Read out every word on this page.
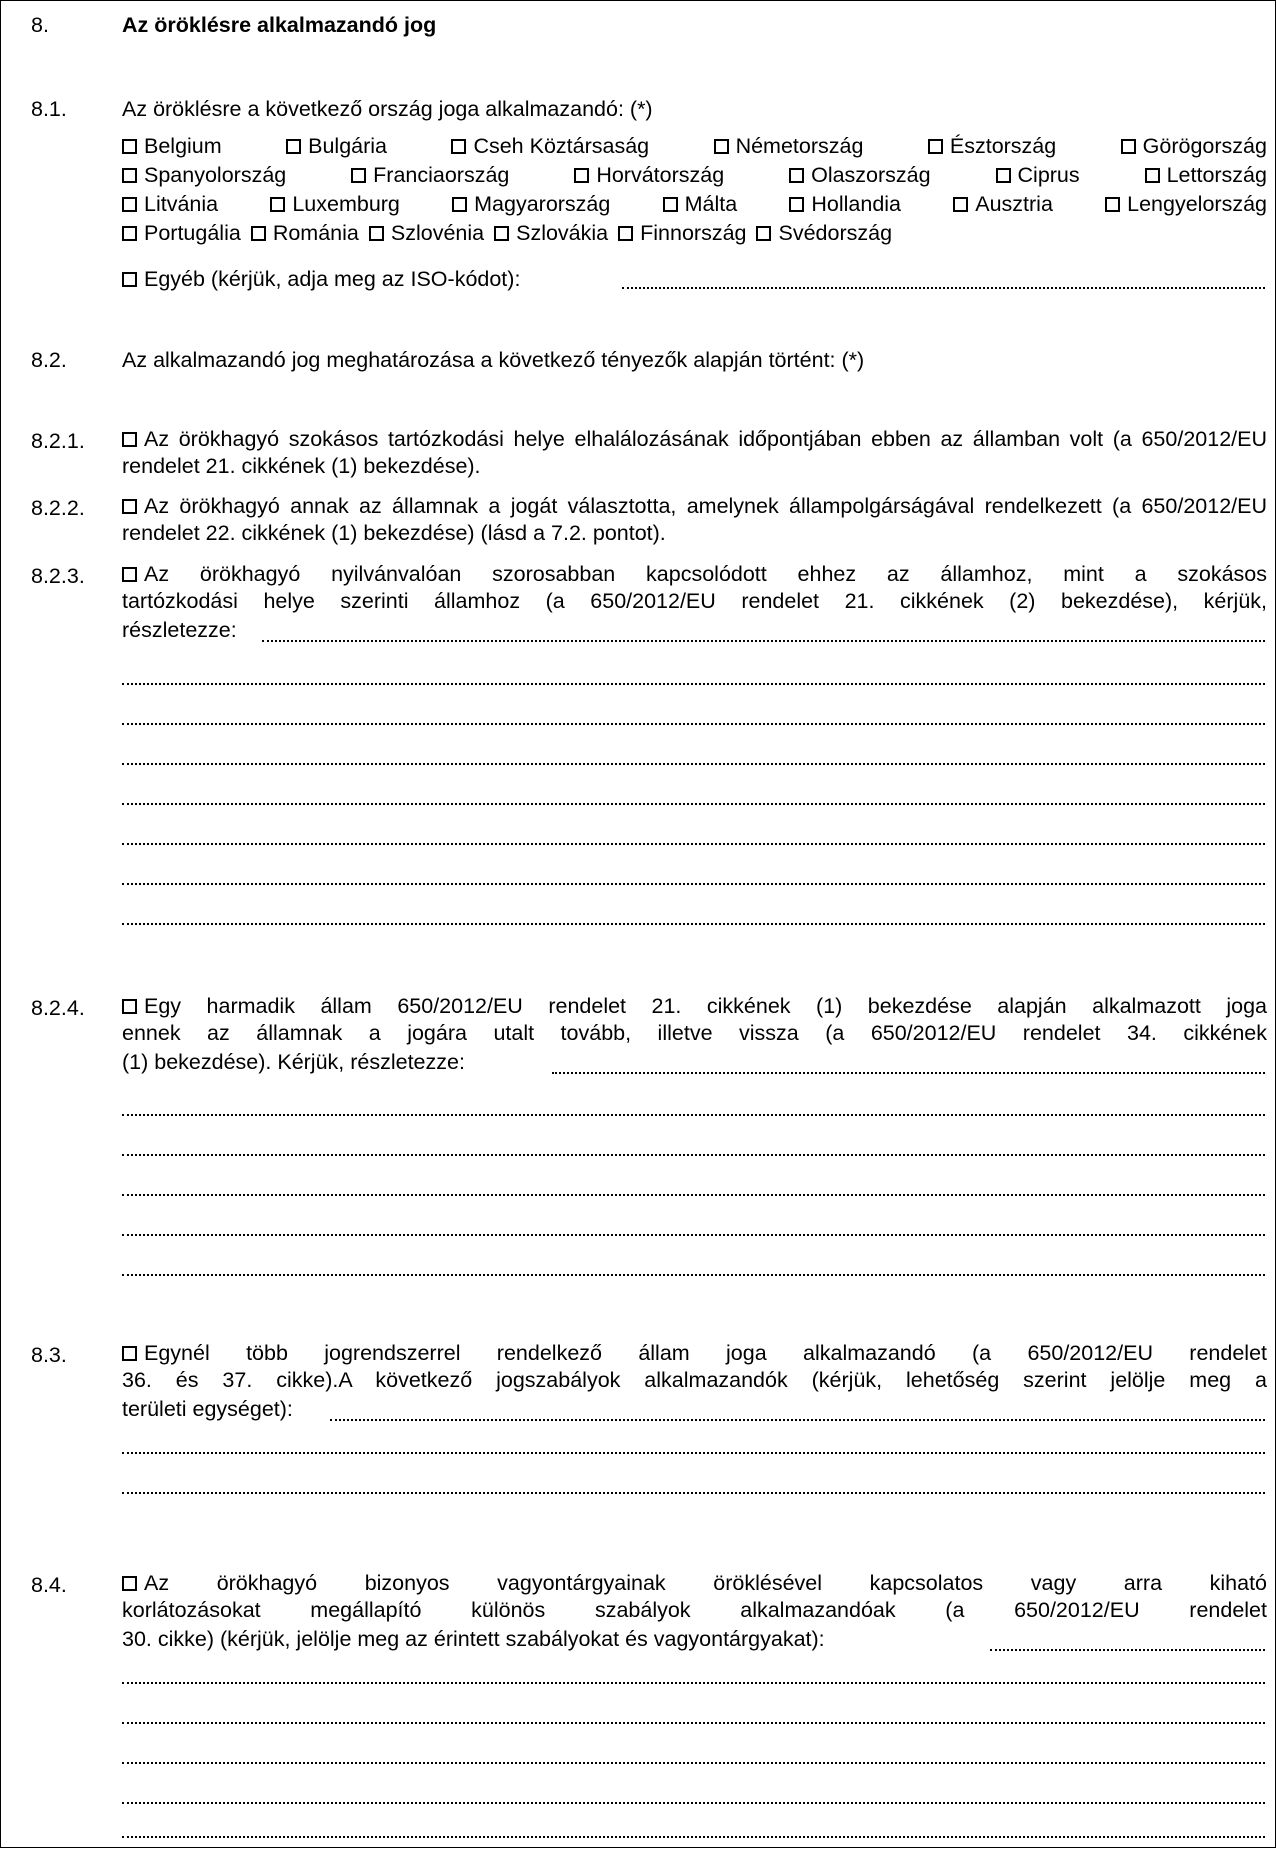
8.	Az öröklésre alkalmazandó jog
8.1.	Az öröklésre a következő ország joga alkalmazandó: (*)
Belgium	Bulgária	Cseh Köztársaság	Németország	Észtország	Görögország
Spanyolország	Franciaország	Horvátország	Olaszország	Ciprus	Lettország
Litvánia	Luxemburg	Magyarország	Málta	Hollandia	Ausztria	Lengyelország
Portugália	Románia	Szlovénia	Szlovákia	Finnország	Svédország
Egyéb (kérjük, adja meg az ISO-kódot):
8.2.	Az alkalmazandó jog meghatározása a következő tényezők alapján történt: (*)
8.2.1.	Az örökhagyó szokásos tartózkodási helye elhalálozásának időpontjában ebben az államban volt (a 650/2012/EU rendelet 21. cikkének (1) bekezdése).
8.2.2.	Az örökhagyó annak az államnak a jogát választotta, amelynek állampolgárságával rendelkezett (a 650/2012/EU rendelet 22. cikkének (1) bekezdése) (lásd a 7.2. pontot).
8.2.3.	Az örökhagyó nyilvánvalóan szorosabban kapcsolódott ehhez az államhoz, mint a szokásos
tartózkodási helye szerinti államhoz (a 650/2012/EU rendelet 21. cikkének (2) bekezdése), kérjük,
részletezze:
8.2.4.	Egy harmadik állam 650/2012/EU rendelet 21. cikkének (1) bekezdése alapján alkalmazott joga
ennek az államnak a jogára utalt tovább, illetve vissza (a 650/2012/EU rendelet 34. cikkének
(1) bekezdése). Kérjük, részletezze:
8.3.	Egynél több jogrendszerrel rendelkező állam joga alkalmazandó (a 650/2012/EU rendelet
36. és 37. cikke).A következő jogszabályok alkalmazandók (kérjük, lehetőség szerint jelölje meg a
területi egységet):
8.4.	Az örökhagyó bizonyos vagyontárgyainak öröklésével kapcsolatos vagy arra kiható
korlátozásokat megállapító különös szabályok alkalmazandóak (a 650/2012/EU rendelet
30. cikke) (kérjük, jelölje meg az érintett szabályokat és vagyontárgyakat):
